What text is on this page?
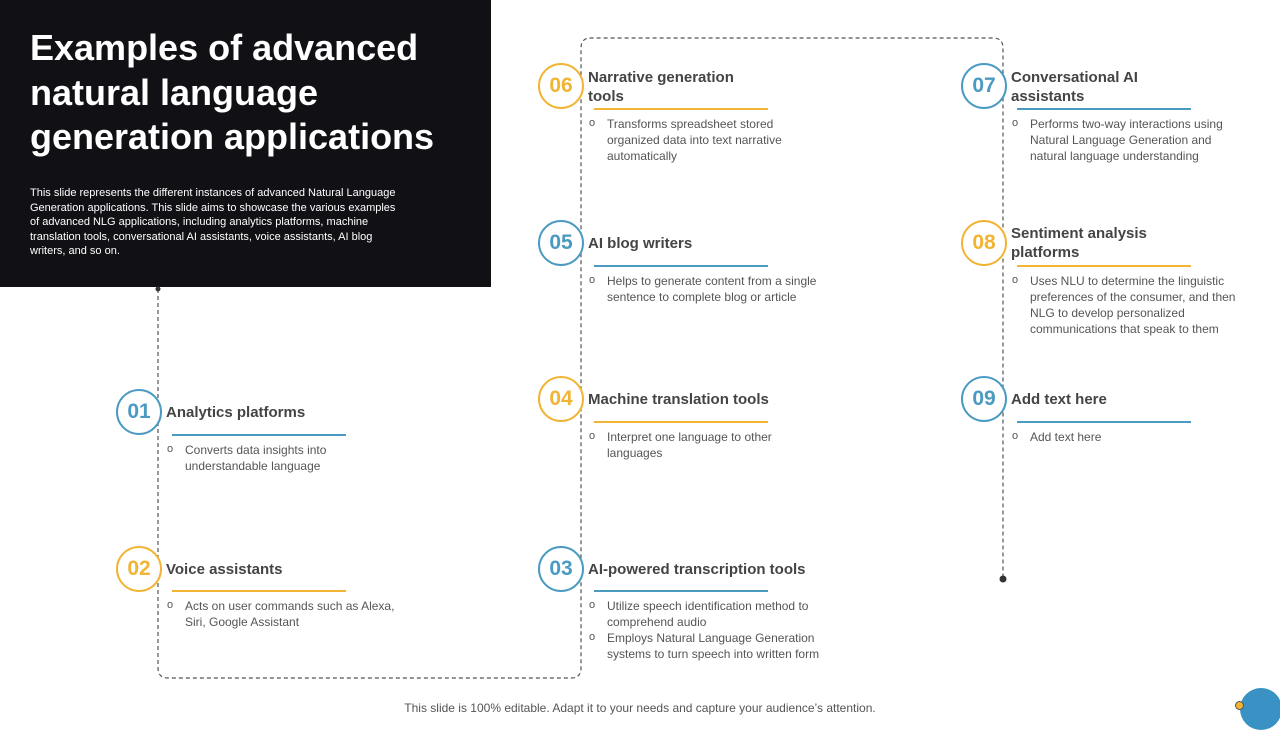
Examples of advanced natural language generation applications

This slide represents the different instances of advanced Natural Language Generation applications. This slide aims to showcase the various examples of advanced NLG applications, including analytics platforms, machine translation tools, conversational AI assistants, voice assistants, AI blog writers, and so on.

01	Analytics platforms
o Converts data insights into understandable language
02	Voice assistants
o Acts on user commands such as Alexa, Siri, Google Assistant
03	AI-powered transcription tools
o Utilize speech identification method to comprehend audio
o Employs Natural Language Generation systems to turn speech into written form
04	Machine translation tools
o Interpret one language to other languages
05	AI blog writers
o Helps to generate content from a single sentence to complete blog or article
06	Narrative generation tools
o Transforms spreadsheet stored organized data into text narrative automatically
07	Conversational AI assistants
o Performs two-way interactions using Natural Language Generation and natural language understanding
08	Sentiment analysis platforms
o Uses NLU to determine the linguistic preferences of the consumer, and then NLG to develop personalized communications that speak to them
09	Add text here
o Add text here
This slide is 100% editable. Adapt it to your needs and capture your audience’s attention.
